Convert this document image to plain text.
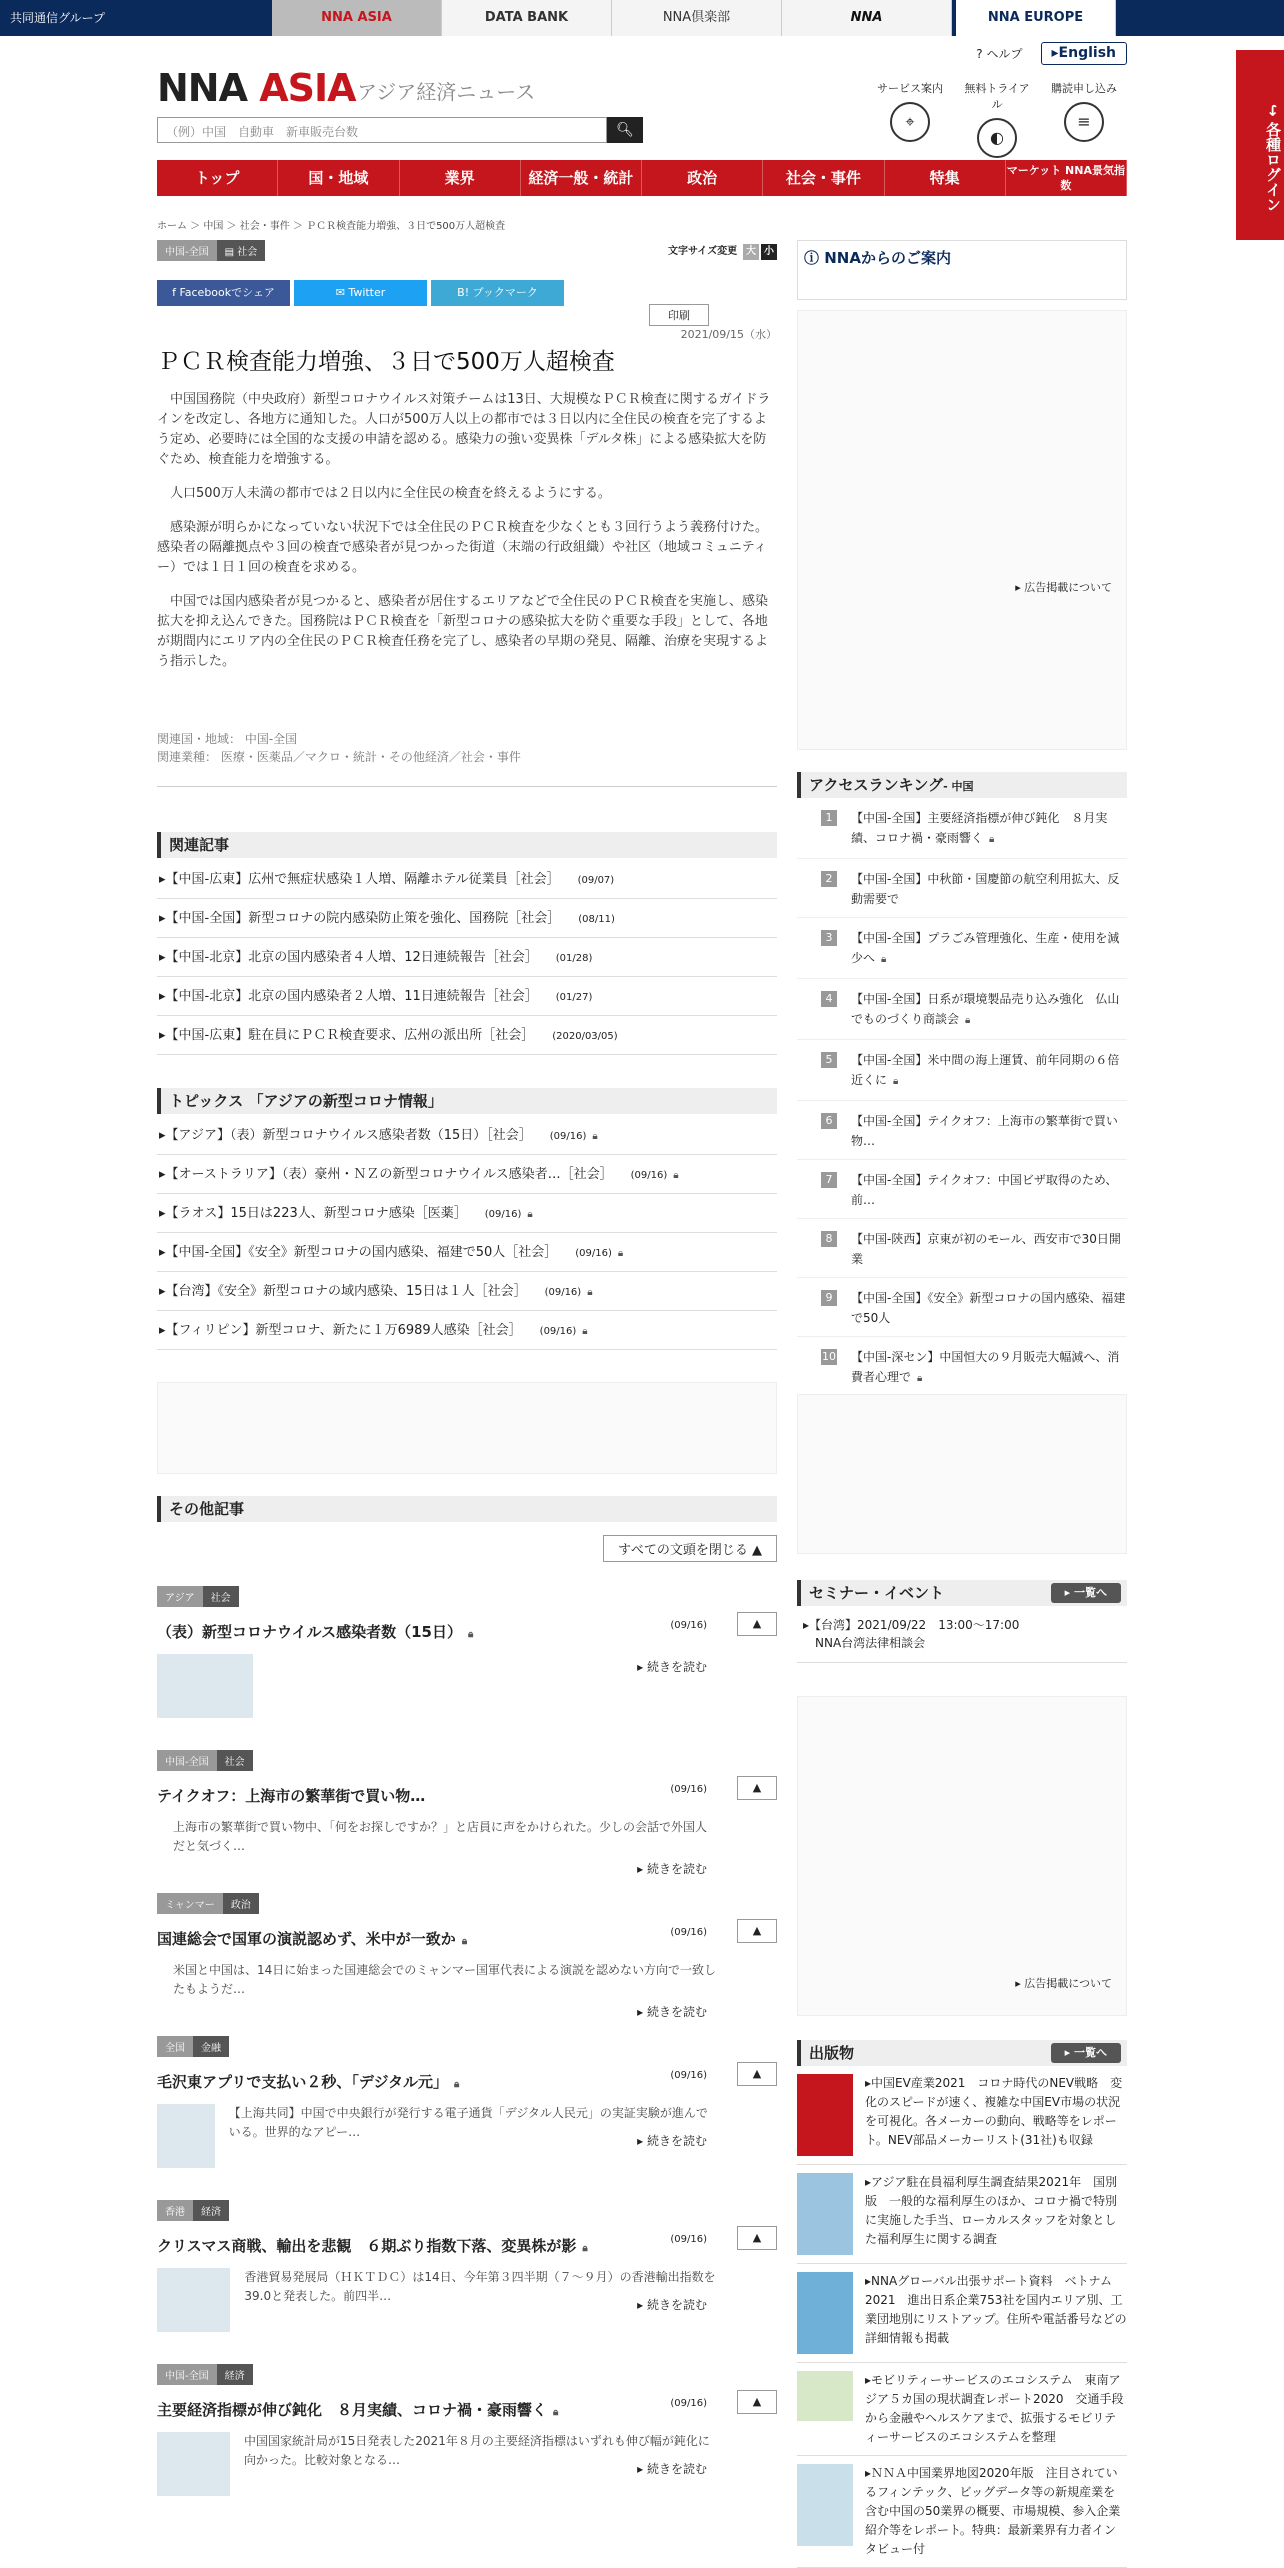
共同通信グループ	NNA ASIA	DATA BANK	NNA倶楽部	NNA	NNA EUROPE
? ヘルプ	▸English
NNA ASIA アジア経済ニュース
（例）中国　自動車　新車販売台数	🔍︎
サービス案内
⌖
無料トライアル
◐
購読申し込み
≡
↪ 各種ログイン
トップ	国・地域	業界	経済一般・統計	政治	社会・事件	特集	マーケット NNA景気指数
ホーム ＞ 中国 ＞ 社会・事件 ＞ ＰＣＲ検査能力増強、３日で500万人超検査
中国-全国 ▤ 社会	文字サイズ変更 大 小
f Facebookでシェア	✉ Twitter	B! ブックマーク
印刷
2021/09/15（水）
ＰＣＲ検査能力増強、３日で500万人超検査

中国国務院（中央政府）新型コロナウイルス対策チームは13日、大規模なＰＣＲ検査に関するガイドラインを改定し、各地方に通知した。人口が500万人以上の都市では３日以内に全住民の検査を完了するよう定め、必要時には全国的な支援の申請を認める。感染力の強い変異株「デルタ株」による感染拡大を防ぐため、検査能力を増強する。

人口500万人未満の都市では２日以内に全住民の検査を終えるようにする。

感染源が明らかになっていない状況下では全住民のＰＣＲ検査を少なくとも３回行うよう義務付けた。感染者の隔離拠点や３回の検査で感染者が見つかった街道（末端の行政組織）や社区（地域コミュニティー）では１日１回の検査を求める。

中国では国内感染者が見つかると、感染者が居住するエリアなどで全住民のＰＣＲ検査を実施し、感染拡大を抑え込んできた。国務院はＰＣＲ検査を「新型コロナの感染拡大を防ぐ重要な手段」として、各地が期間内にエリア内の全住民のＰＣＲ検査任務を完了し、感染者の早期の発見、隔離、治療を実現するよう指示した。

関連国・地域： 中国-全国
関連業種： 医療・医薬品／マクロ・統計・その他経済／社会・事件
関連記事
▸【中国-広東】広州で無症状感染１人増、隔離ホテル従業員［社会］ (09/07)
▸【中国-全国】新型コロナの院内感染防止策を強化、国務院［社会］ (08/11)
▸【中国-北京】北京の国内感染者４人増、12日連続報告［社会］ (01/28)
▸【中国-北京】北京の国内感染者２人増、11日連続報告［社会］ (01/27)
▸【中国-広東】駐在員にＰＣＲ検査要求、広州の派出所［社会］ (2020/03/05)
トピックス 「アジアの新型コロナ情報」
▸【アジア】（表）新型コロナウイルス感染者数（15日）［社会］ (09/16) 🔒︎
▸【オーストラリア】（表）豪州・ＮＺの新型コロナウイルス感染者…［社会］ (09/16) 🔒︎
▸【ラオス】15日は223人、新型コロナ感染［医薬］ (09/16) 🔒︎
▸【中国-全国】《安全》新型コロナの国内感染、福建で50人［社会］ (09/16) 🔒︎
▸【台湾】《安全》新型コロナの域内感染、15日は１人［社会］ (09/16) 🔒︎
▸【フィリピン】新型コロナ、新たに１万6989人感染［社会］ (09/16) 🔒︎
その他記事
すべての文頭を閉じる ▲
アジア 社会
（表）新型コロナウイルス感染者数（15日） 🔒︎
(09/16)	▲
▸ 続きを読む
中国-全国 社会
テイクオフ：上海市の繁華街で買い物…	(09/16)	▲
上海市の繁華街で買い物中、「何をお探しですか？」と店員に声をかけられた。少しの会話で外国人だと気づく…
▸ 続きを読む
ミャンマー 政治
国連総会で国軍の演説認めず、米中が一致か 🔒︎
(09/16)	▲
米国と中国は、14日に始まった国連総会でのミャンマー国軍代表による演説を認めない方向で一致したもようだ…
▸ 続きを読む
全国 金融
毛沢東アプリで支払い２秒、「デジタル元」 🔒︎
(09/16)	▲
【上海共同】中国で中央銀行が発行する電子通貨「デジタル人民元」の実証実験が進んでいる。世界的なアピー…
▸ 続きを読む
香港 経済
クリスマス商戦、輸出を悲観　６期ぶり指数下落、変異株が影 🔒︎
(09/16)	▲
香港貿易発展局（ＨＫＴＤＣ）は14日、今年第３四半期（７～９月）の香港輸出指数を39.0と発表した。前四半…
▸ 続きを読む
中国-全国 経済
主要経済指標が伸び鈍化　８月実績、コロナ禍・豪雨響く 🔒︎
(09/16)	▲
中国国家統計局が15日発表した2021年８月の主要経済指標はいずれも伸び幅が鈍化に向かった。比較対象となる…
▸ 続きを読む
ⓘ NNAからのご案内
▸ 広告掲載について
アクセスランキング- 中国
1	【中国-全国】主要経済指標が伸び鈍化　８月実績、コロナ禍・豪雨響く 🔒︎
2	【中国-全国】中秋節・国慶節の航空利用拡大、反動需要で
3	【中国-全国】プラごみ管理強化、生産・使用を減少へ 🔒︎
4	【中国-全国】日系が環境製品売り込み強化　仏山でものづくり商談会 🔒︎
5	【中国-全国】米中間の海上運賃、前年同期の６倍近くに 🔒︎
6	【中国-全国】テイクオフ：上海市の繁華街で買い物…
7	【中国-全国】テイクオフ：中国ビザ取得のため、前…
8	【中国-陝西】京東が初のモール、西安市で30日開業
9	【中国-全国】《安全》新型コロナの国内感染、福建で50人
10 【中国-深セン】中国恒大の９月販売大幅減へ、消費者心理で 🔒︎
セミナー・イベント	▸ 一覧へ
▸【台湾】2021/09/22　13:00～17:00
NNA台湾法律相談会
▸ 広告掲載について
出版物	▸ 一覧へ
▸中国EV産業2021　コロナ時代のNEV戦略　変化のスピードが速く、複雑な中国EV市場の状況を可視化。各メーカーの動向、戦略等をレポート。NEV部品メーカーリスト(31社)も収録
▸アジア駐在員福利厚生調査結果2021年　国別版　一般的な福利厚生のほか、コロナ禍で特別に実施した手当、ローカルスタッフを対象とした福利厚生に関する調査
▸NNAグローバル出張サポート資料　ベトナム2021　進出日系企業753社を国内エリア別、工業団地別にリストアップ。住所や電話番号などの詳細情報も掲載
▸モビリティーサービスのエコシステム　東南アジア５カ国の現状調査レポート2020　交通手段から金融やヘルスケアまで、拡張するモビリティーサービスのエコシステムを整理
▸ＮＮＡ中国業界地図2020年版　注目されているフィンテック、ビッグデータ等の新規産業を含む中国の50業界の概要、市場規模、参入企業紹介等をレポート。特典：最新業界有力者インタビュー付
